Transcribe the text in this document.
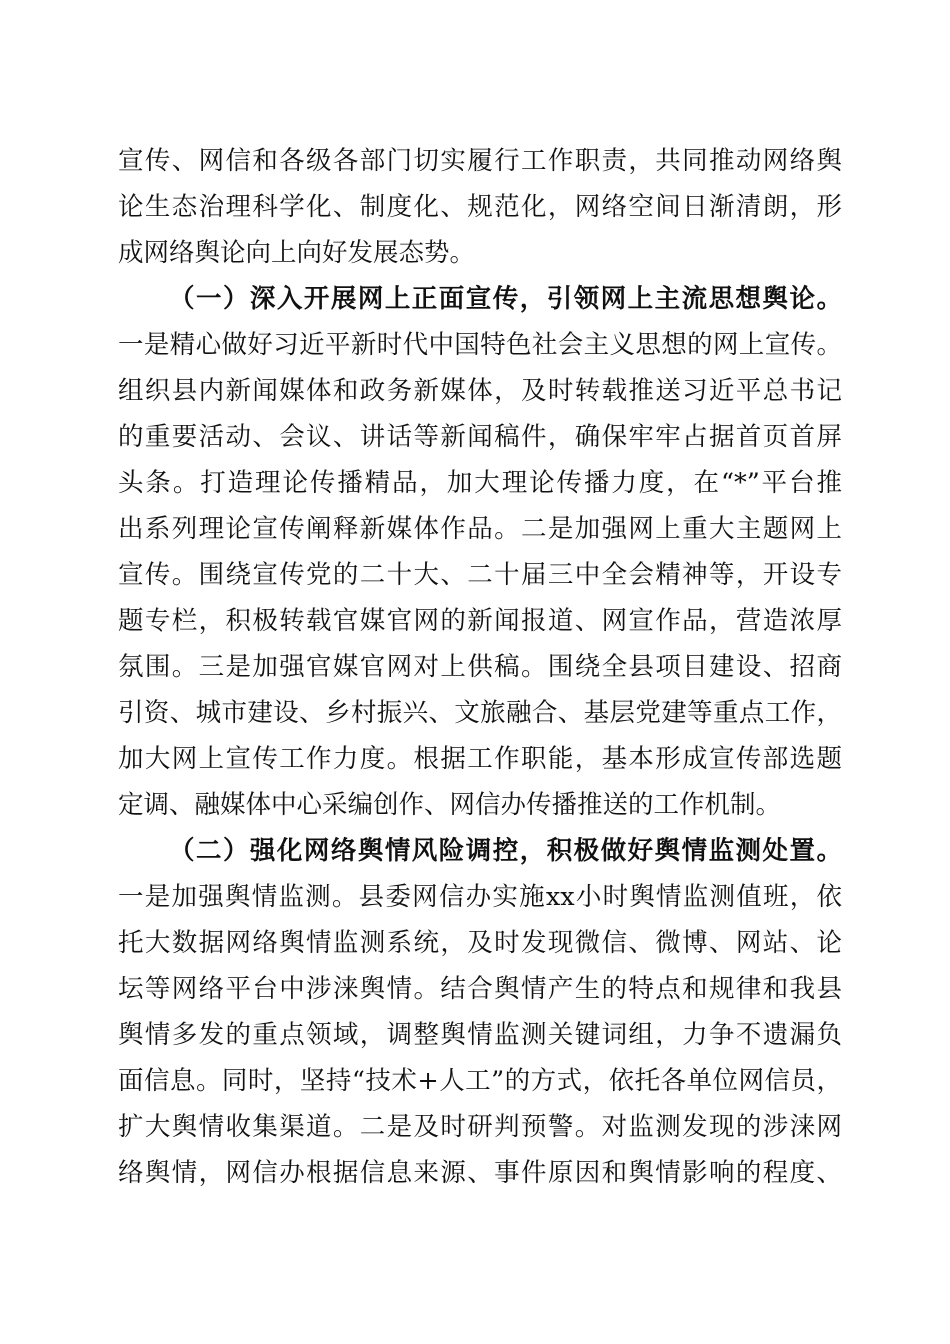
宣传、网信和各级各部门切实履行工作职责，共同推动网络舆
论生态治理科学化、制度化、规范化，网络空间日渐清朗，形
成网络舆论向上向好发展态势。
（一）深入开展网上正面宣传，引领网上主流思想舆论。
一是精心做好习近平新时代中国特色社会主义思想的网上宣传。
组织县内新闻媒体和政务新媒体，及时转载推送习近平总书记
的重要活动、会议、讲话等新闻稿件，确保牢牢占据首页首屏
头条。打造理论传播精品，加大理论传播力度，在“*”平台推
出系列理论宣传阐释新媒体作品。二是加强网上重大主题网上
宣传。围绕宣传党的二十大、二十届三中全会精神等，开设专
题专栏，积极转载官媒官网的新闻报道、网宣作品，营造浓厚
氛围。三是加强官媒官网对上供稿。围绕全县项目建设、招商
引资、城市建设、乡村振兴、文旅融合、基层党建等重点工作，
加大网上宣传工作力度。根据工作职能，基本形成宣传部选题
定调、融媒体中心采编创作、网信办传播推送的工作机制。
（二）强化网络舆情风险调控，积极做好舆情监测处置。
一是加强舆情监测。县委网信办实施xx小时舆情监测值班，依
托大数据网络舆情监测系统，及时发现微信、微博、网站、论
坛等网络平台中涉涞舆情。结合舆情产生的特点和规律和我县
舆情多发的重点领域，调整舆情监测关键词组，力争不遗漏负
面信息。同时，坚持“技术+人工”的方式，依托各单位网信员，
扩大舆情收集渠道。二是及时研判预警。对监测发现的涉涞网
络舆情，网信办根据信息来源、事件原因和舆情影响的程度、
